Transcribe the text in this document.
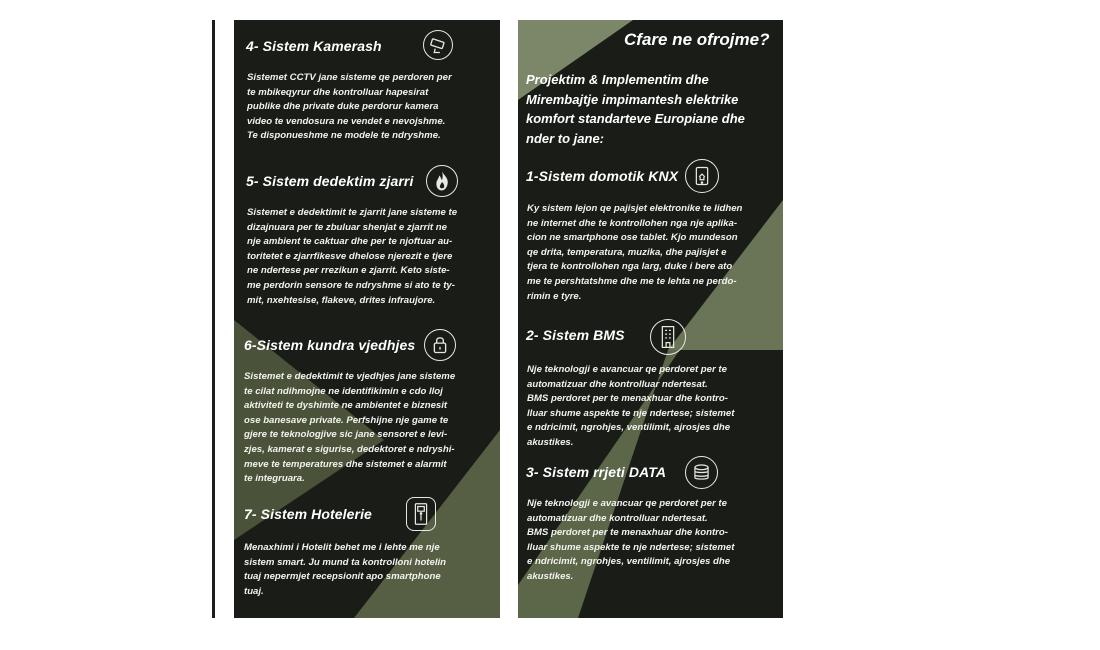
4- Sistem Kamerash
Sistemet CCTV jane sisteme qe perdoren per
te mbikeqyrur dhe kontrolluar hapesirat
publike dhe private duke perdorur kamera
video te vendosura ne vendet e nevojshme.
Te disponueshme ne modele te ndryshme.
5- Sistem dedektim zjarri
Sistemet e dedektimit te zjarrit jane sisteme te
dizajnuara per te zbuluar shenjat e zjarrit ne
nje ambient te caktuar dhe per te njoftuar au-
toritetet e zjarrfikesve dhelose njerezit e tjere
ne ndertese per rrezikun e zjarrit. Keto siste-
me perdorin sensore te ndryshme si ato te ty-
mit, nxehtesise, flakeve, drites infraujore.
6-Sistem kundra vjedhjes
Sistemet e dedektimit te vjedhjes jane sisteme
te cilat ndihmojne ne identifikimin e cdo lloj
aktiviteti te dyshimte ne ambientet e biznesit
ose banesave private. Perfshijne nje game te
gjere te teknologjive sic jane sensoret e levi-
zjes, kamerat e sigurise, dedektoret e ndryshi-
meve te temperatures dhe sistemet e alarmit
te integruara.
7- Sistem Hotelerie
Menaxhimi i Hotelit behet me i lehte me nje
sistem smart. Ju mund ta kontrolloni hotelin
tuaj nepermjet recepsionit apo smartphone
tuaj.
Cfare ne ofrojme?
Projektim & Implementim dhe
Mirembajtje impimantesh elektrike
komfort standarteve Europiane dhe
nder to jane:
1-Sistem domotik KNX
Ky sistem lejon qe pajisjet elektronike te lidhen
ne internet dhe te kontrollohen nga nje aplika-
cion ne smartphone ose tablet. Kjo mundeson
qe drita, temperatura, muzika, dhe pajisjet e
tjera te kontrollohen nga larg, duke i bere ato
me te pershtatshme dhe me te lehta ne perdo-
rimin e tyre.
2- Sistem BMS
Nje teknologji e avancuar qe perdoret per te
automatizuar dhe kontrolluar ndertesat.
BMS perdoret per te menaxhuar dhe kontro-
lluar shume aspekte te nje ndertese; sistemet
e ndricimit, ngrohjes, ventilimit, ajrosjes dhe
akustikes.
3- Sistem rrjeti DATA
Nje teknologji e avancuar qe perdoret per te
automatizuar dhe kontrolluar ndertesat.
BMS perdoret per te menaxhuar dhe kontro-
lluar shume aspekte te nje ndertese; sistemet
e ndricimit, ngrohjes, ventilimit, ajrosjes dhe
akustikes.
